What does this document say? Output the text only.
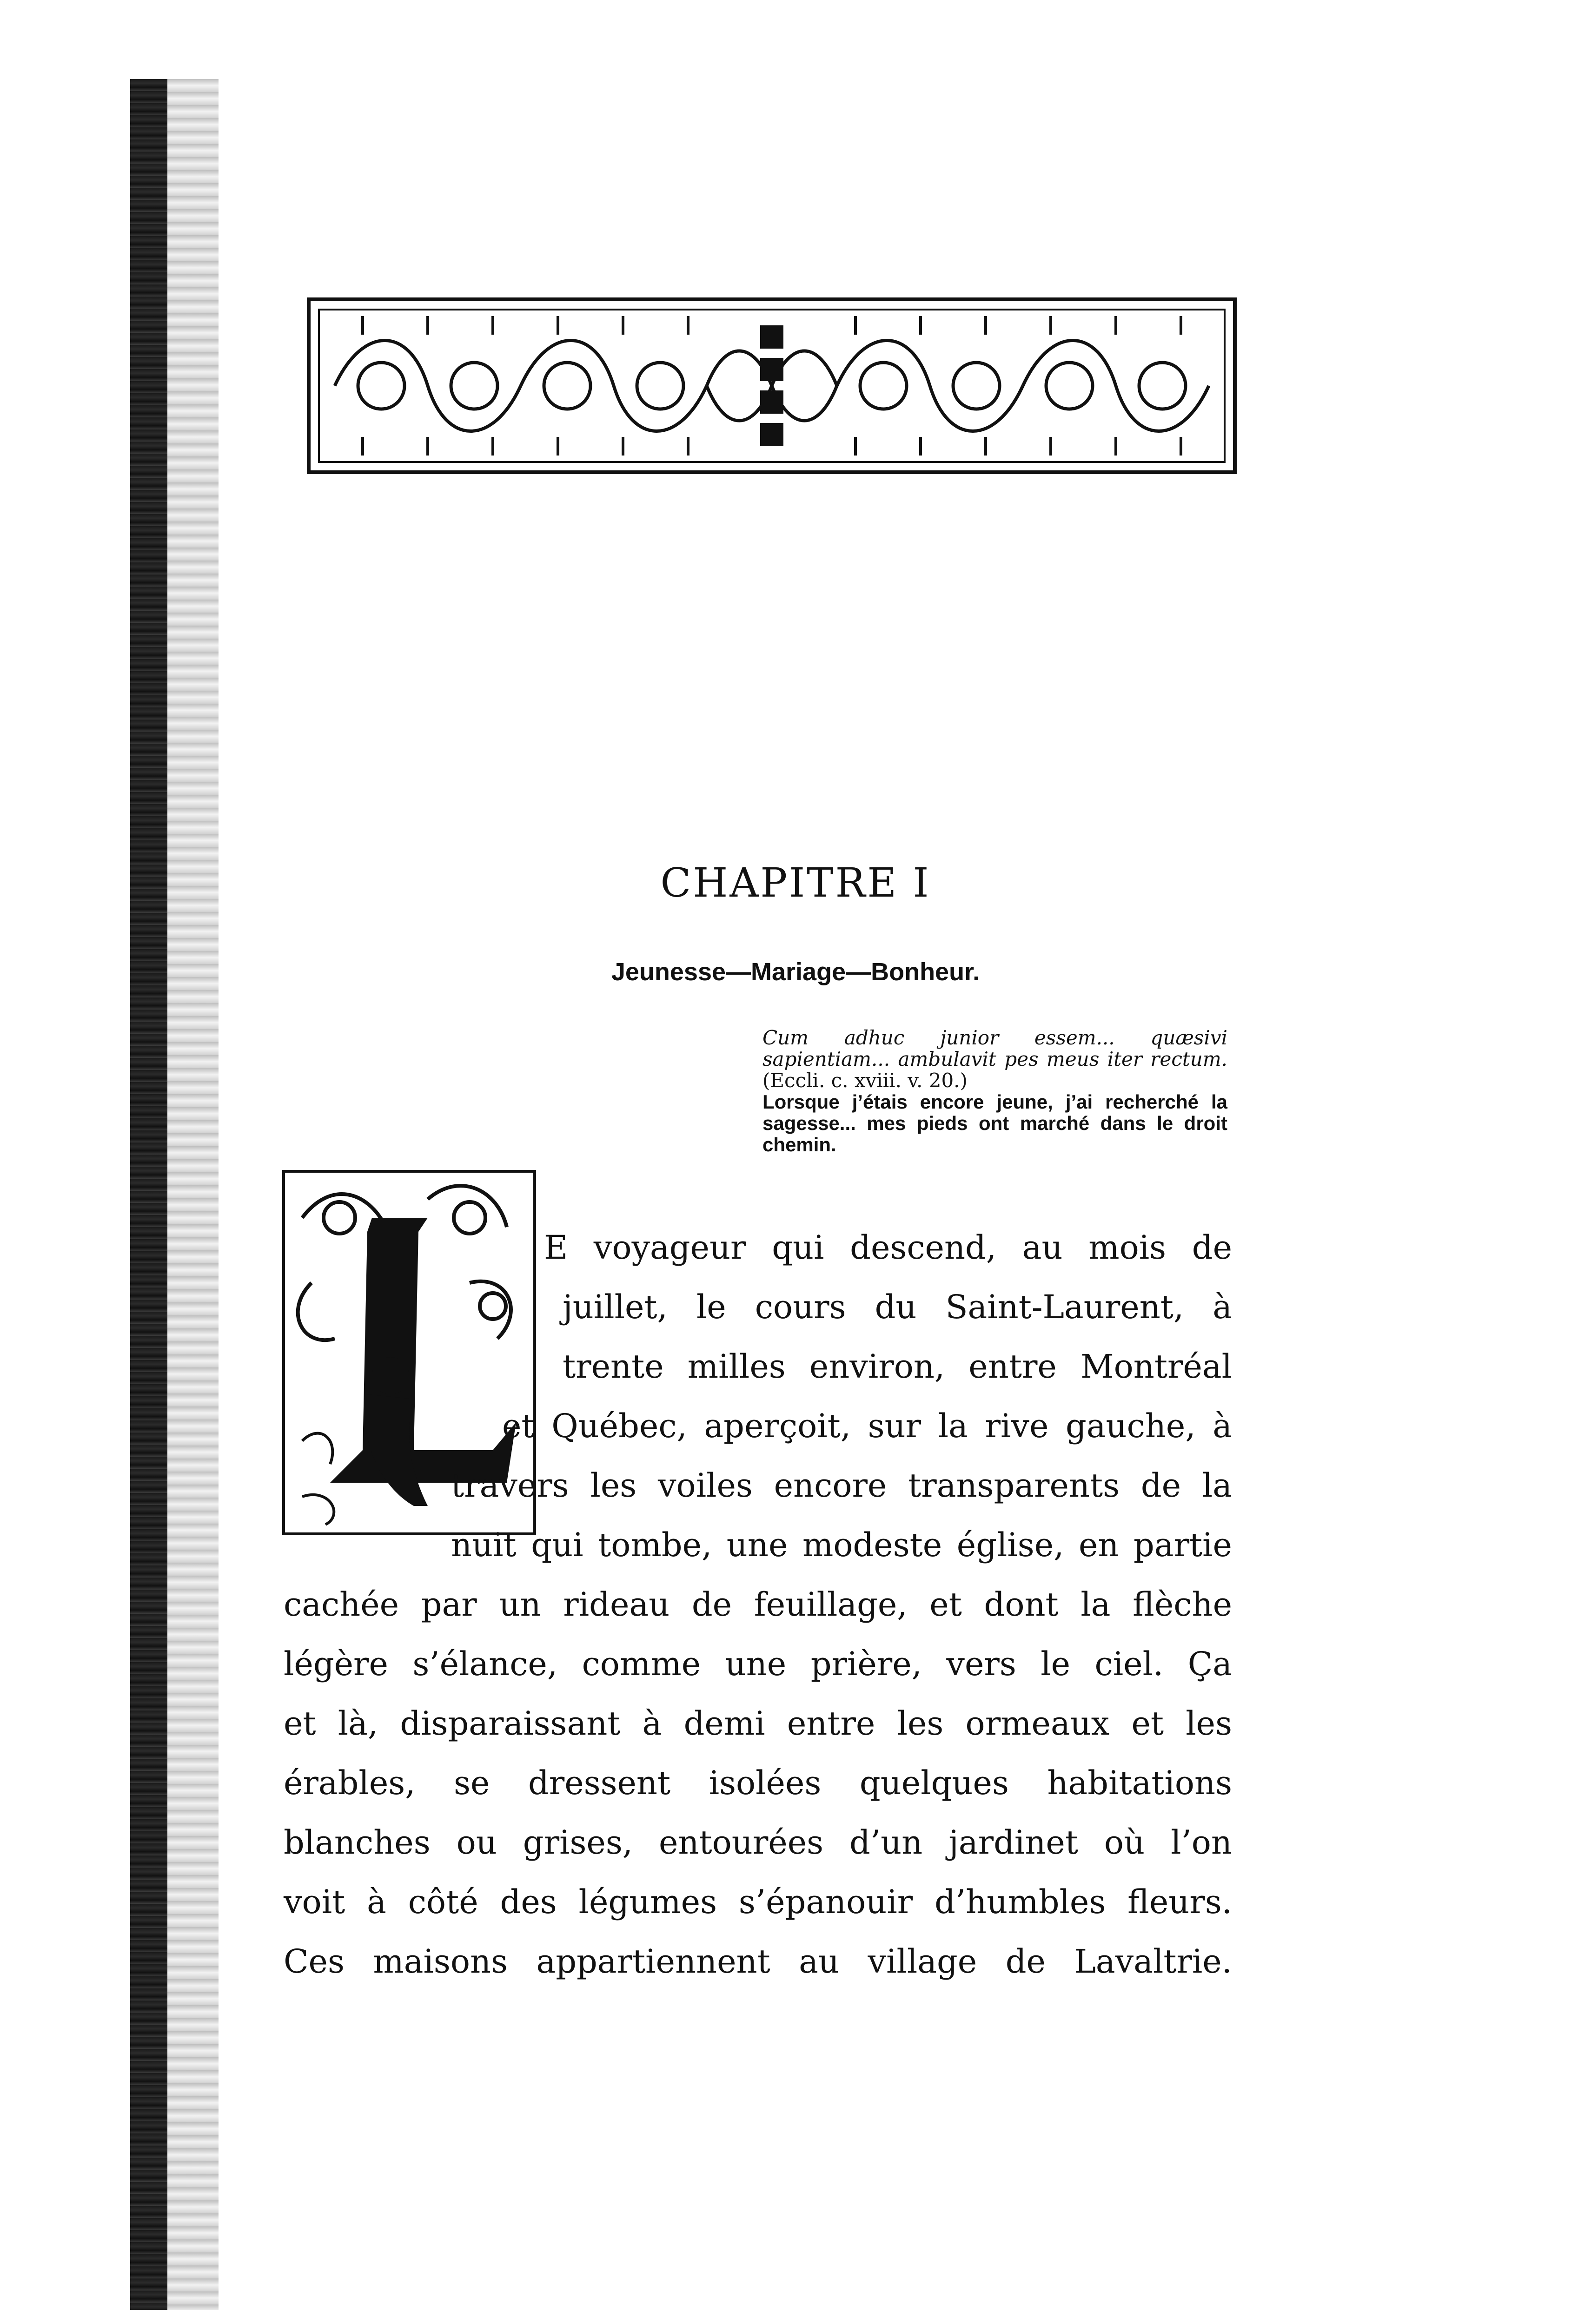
CHAPITRE I
Jeunesse—Mariage—Bonheur.

Cum adhuc junior essem... quæsivi sapientiam... ambulavit pes meus iter rectum. (Eccli. c. xviii. v. 20.)

Lorsque j’étais encore jeune, j’ai recherché la sagesse... mes pieds ont marché dans le droit chemin.

E voyageur qui descend, au mois de
juillet, le cours du Saint-Laurent, à
trente milles environ, entre Montréal
et Québec, aperçoit, sur la rive gauche, à
travers les voiles encore transparents de la
nuit qui tombe, une modeste église, en partie
cachée par un rideau de feuillage, et dont la flèche
légère s’élance, comme une prière, vers le ciel. Ça
et là, disparaissant à demi entre les ormeaux et les
érables, se dressent isolées quelques habitations
blanches ou grises, entourées d’un jardinet où l’on
voit à côté des légumes s’épanouir d’humbles fleurs.
Ces maisons appartiennent au village de Lavaltrie.
